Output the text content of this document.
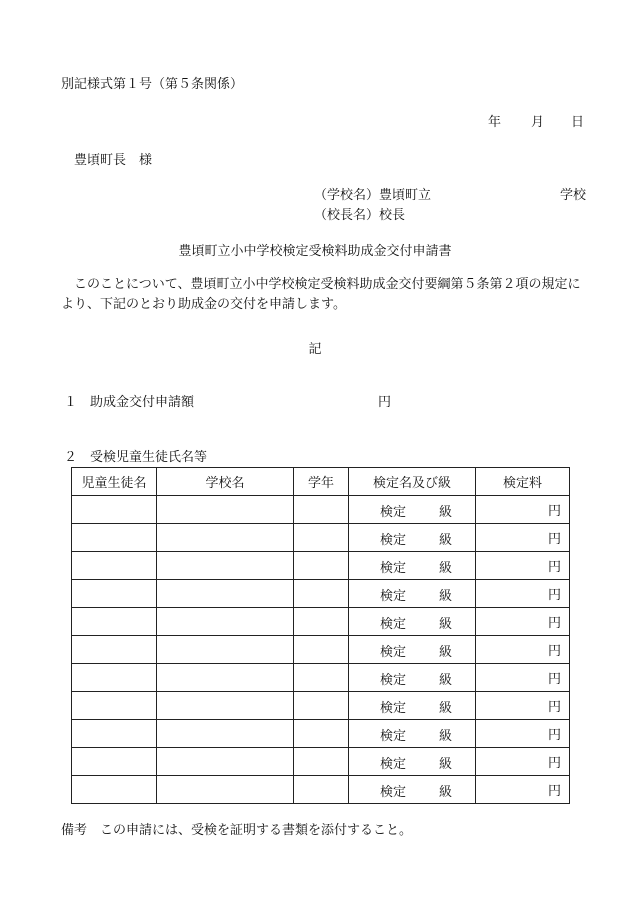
別記様式第１号（第５条関係）
年 月 日
豊頃町長　様
（学校名）豊頃町立	学校
（校長名）校長
豊頃町立小中学校検定受検料助成金交付申請書
このことについて、豊頃町立小中学校検定受検料助成金交付要綱第５条第２項の規定により、下記のとおり助成金の交付を申請します。
記
１　助成金交付申請額	円
２　受検児童生徒氏名等
児童生徒名	学校名	学年	検定名及び級	検定料

			検定 級	円

			検定 級	円

			検定 級	円

			検定 級	円

			検定 級	円

			検定 級	円

			検定 級	円

			検定 級	円

			検定 級	円

			検定 級	円

			検定 級	円
備考 この申請には、受検を証明する書類を添付すること。
